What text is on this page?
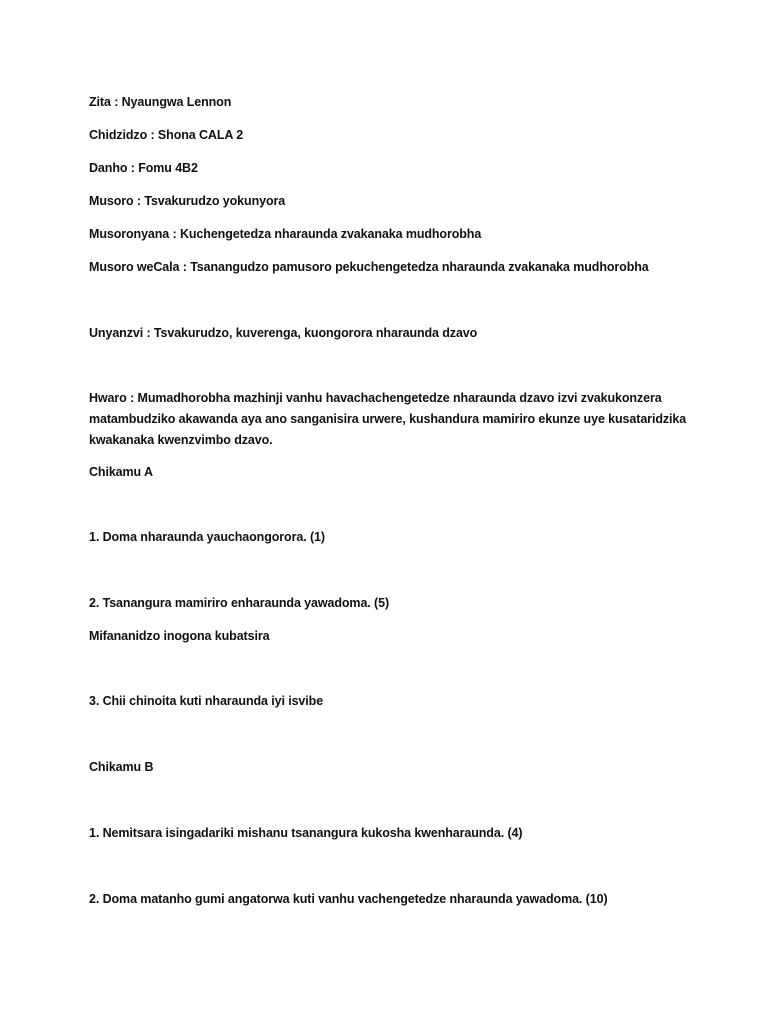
Zita : Nyaungwa Lennon
Chidzidzo : Shona CALA 2
Danho : Fomu 4B2
Musoro : Tsvakurudzo yokunyora
Musoronyana : Kuchengetedza nharaunda zvakanaka mudhorobha
Musoro weCala : Tsanangudzo pamusoro pekuchengetedza nharaunda zvakanaka mudhorobha
Unyanzvi : Tsvakurudzo, kuverenga, kuongorora nharaunda dzavo
Hwaro : Mumadhorobha mazhinji vanhu havachachengetedze nharaunda dzavo izvi zvakukonzera
matambudziko akawanda aya ano sanganisira urwere, kushandura mamiriro ekunze uye kusataridzika
kwakanaka kwenzvimbo dzavo.
Chikamu A
1. Doma nharaunda yauchaongorora. (1)
2. Tsanangura mamiriro enharaunda yawadoma. (5)
Mifananidzo inogona kubatsira
3. Chii chinoita kuti nharaunda iyi isvibe
Chikamu B
1. Nemitsara isingadariki mishanu tsanangura kukosha kwenharaunda. (4)
2. Doma matanho gumi angatorwa kuti vanhu vachengetedze nharaunda yawadoma. (10)
